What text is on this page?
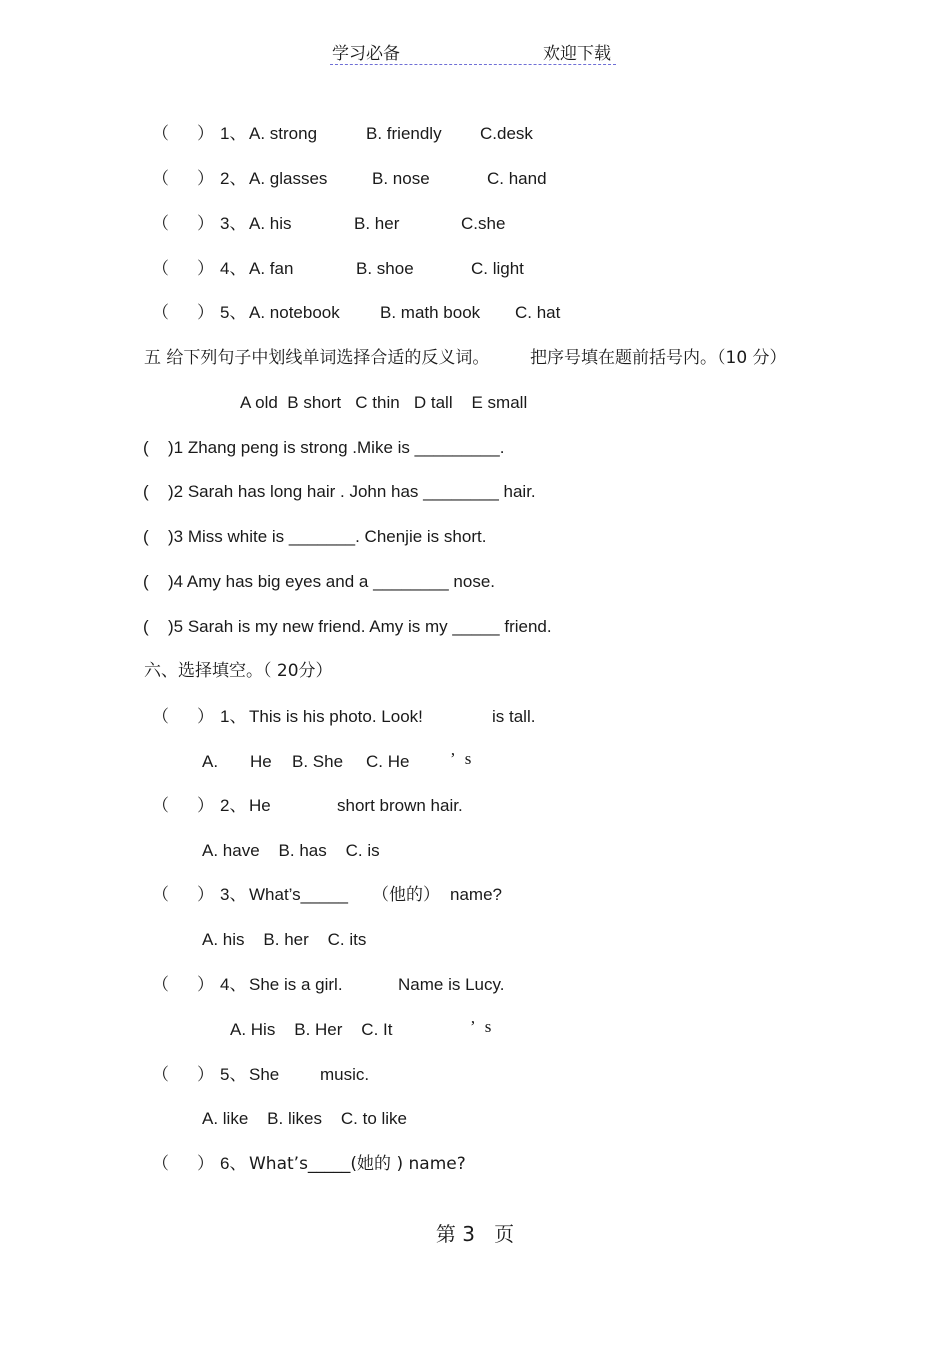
学习必备	欢迎下载
（ ） 1、 A. strong	B. friendly C.desk
（ ） 2、 A. glasses	B. nose	C. hand
（ ） 3、 A. his	B. her	C.she
（ ） 4、 A. fan	B. shoe	C. light
（ ） 5、 A. notebook B. math book C. hat
五 给下列句子中划线单词选择合适的反义词。 把序号填在题前括号内。（10 分）
A old  B short   C thin   D tall    E small
( )1 Zhang peng is strong .Mike is _________.
( )2 Sarah has long hair . John has ________ hair.
( )3 Miss white is _______. Chenjie is short.
( )4 Amy has big eyes and a ________ nose.
( )5 Sarah is my new friend. Amy is my _____ friend.
六、选择填空。（ 20分）
（ ） 1、 This is his photo. Look!	is tall.
A. He B. She C. He ’s
（ ） 2、 He	short brown hair.
A. have    B. has    C. is
（ ） 3、 What’s_____ （他的） name?
A. his    B. her    C. its
（ ） 4、 She is a girl.	Name is Lucy.
A. His    B. Her    C. It	’s
（ ） 5、 She music.
A. like    B. likes    C. to like
（ ） 6、 What’s_____(她的 ) name?
第 3   页
